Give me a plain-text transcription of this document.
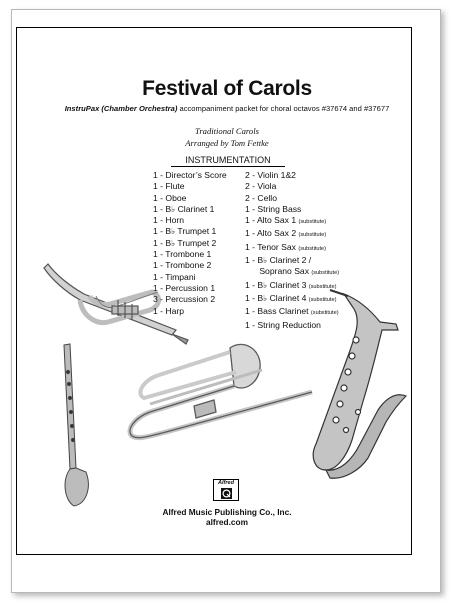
Festival of Carols
InstruPax (Chamber Orchestra) accompaniment packet for choral octavos #37674 and #37677
Traditional Carols
Arranged by Tom Fettke
INSTRUMENTATION
1 - Director’s Score
1 - Flute
1 - Oboe
1 - B♭ Clarinet 1
1 - Horn
1 - B♭ Trumpet 1
1 - B♭ Trumpet 2
1 - Trombone 1
1 - Trombone 2
1 - Timpani
1 - Percussion 1
3 - Percussion 2
1 - Harp
2 - Violin 1&2
2 - Viola
2 - Cello
1 - String Bass
1 - Alto Sax 1 (substitute)
1 - Alto Sax 2 (substitute)
1 - Tenor Sax (substitute)
1 - B♭ Clarinet 2 /
Soprano Sax (substitute)
1 - B♭ Clarinet 3 (substitute)
1 - B♭ Clarinet 4 (substitute)
1 - Bass Clarinet (substitute)
1 - String Reduction
Alfred
Alfred Music Publishing Co., Inc.
alfred.com
